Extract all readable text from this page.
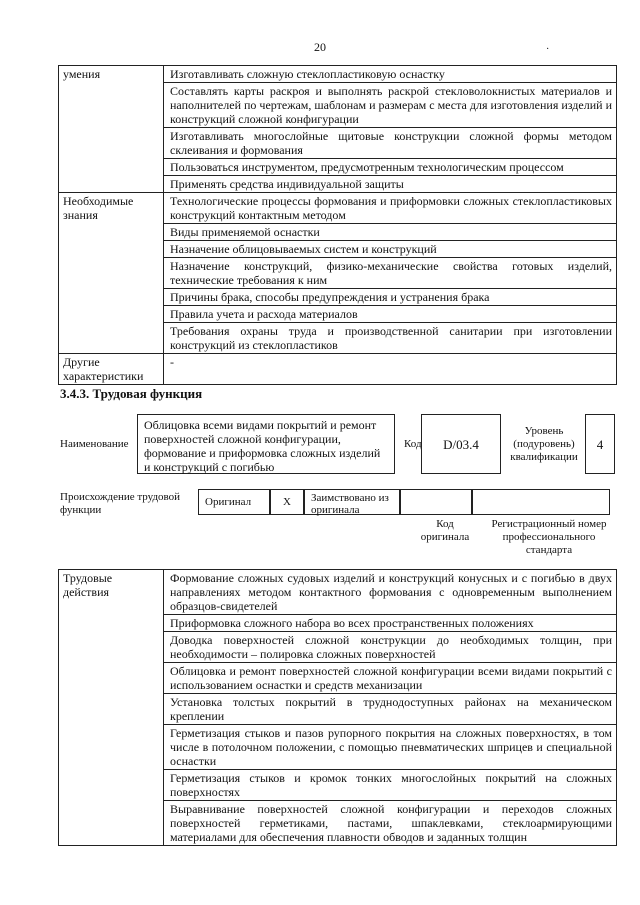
20	·
умения	Изготавливать сложную стеклопластиковую оснастку
	Составлять карты раскроя и выполнять раскрой стекловолокнистых материалов и наполнителей по чертежам, шаблонам и размерам с места для изготовления изделий и конструкций сложной конфигурации
	Изготавливать многослойные щитовые конструкции сложной формы методом склеивания и формования
	Пользоваться инструментом, предусмотренным технологическим процессом
	Применять средства индивидуальной защиты
Необходимые знания	Технологические процессы формования и приформовки сложных стеклопластиковых конструкций контактным методом
	Виды применяемой оснастки
	Назначение облицовываемых систем и конструкций
	Назначение конструкций, физико-механические свойства готовых изделий, технические требования к ним
	Причины брака, способы предупреждения и устранения брака
	Правила учета и расхода материалов
	Требования охраны труда и производственной санитарии при изготовлении конструкций из стеклопластиков
Другие характеристики	-
3.4.3. Трудовая функция
Наименование
Облицовка всеми видами покрытий и ремонт поверхностей сложной конфигурации, формование и приформовка сложных изделий и конструкций с погибью
Код	D/03.4
Уровень (подуровень) квалификации
4
Происхождение трудовой функции
Оригинал	X	Заимствовано из оригинала
Код оригинала
Регистрационный номер профессионального стандарта
Трудовые действия	Формование сложных судовых изделий и конструкций конусных и с погибью в двух направлениях методом контактного формования с одновременным выполнением образцов-свидетелей
Приформовка сложного набора во всех пространственных положениях
Доводка поверхностей сложной конструкции до необходимых толщин, при необходимости – полировка сложных поверхностей
Облицовка и ремонт поверхностей сложной конфигурации всеми видами покрытий с использованием оснастки и средств механизации
Установка толстых покрытий в труднодоступных районах на механическом креплении
Герметизация стыков и пазов рупорного покрытия на сложных поверхностях, в том числе в потолочном положении, с помощью пневматических шприцев и специальной оснастки
Герметизация стыков и кромок тонких многослойных покрытий на сложных поверхностях
Выравнивание поверхностей сложной конфигурации и переходов сложных поверхностей герметиками, пастами, шпаклевками, стеклоармирующими материалами для обеспечения плавности обводов и заданных толщин
